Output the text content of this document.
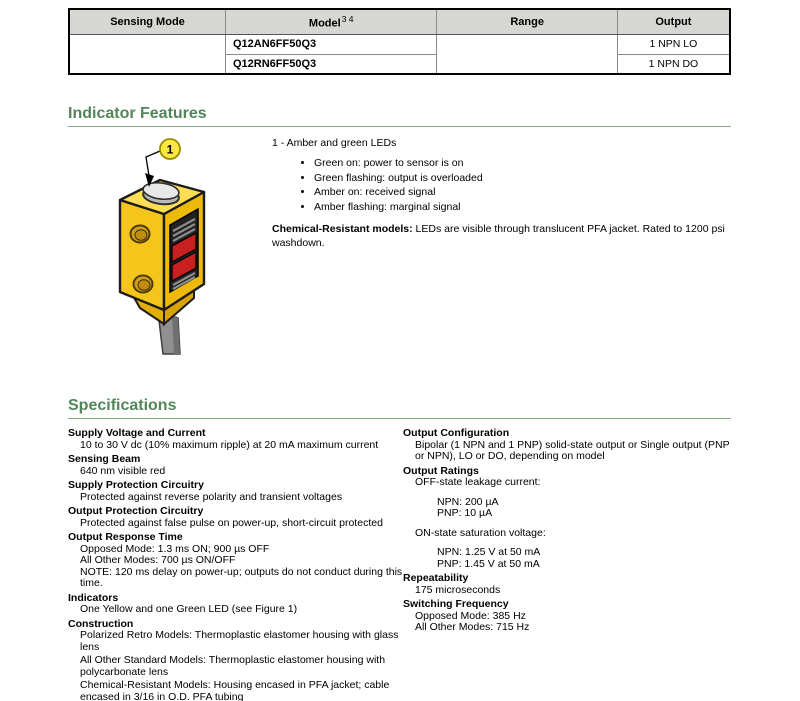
Sensing Mode	Model$^{3 4}$	Range	Output
	Q12AN6FF50Q3		1 NPN LO
	Q12RN6FF50Q3		1 NPN DO
Indicator Features
1	1 - Amber and green LEDs
• Green on: power to sensor is on
• Green flashing: output is overloaded
• Amber on: received signal
• Amber flashing: marginal signal

Chemical-Resistant models: LEDs are visible through translucent PFA jacket. Rated to 1200 psi washdown.

Specifications
Supply Voltage and Current
10 to 30 V dc (10% maximum ripple) at 20 mA maximum current
Sensing Beam
640 nm visible red
Supply Protection Circuitry
Protected against reverse polarity and transient voltages
Output Protection Circuitry
Protected against false pulse on power-up, short-circuit protected
Output Response Time
Opposed Mode: 1.3 ms ON; 900 µs OFF
All Other Modes: 700 µs ON/OFF
NOTE: 120 ms delay on power-up; outputs do not conduct during this time.
Indicators
One Yellow and one Green LED (see Figure 1)
Construction
Polarized Retro Models: Thermoplastic elastomer housing with glass lens
All Other Standard Models: Thermoplastic elastomer housing with polycarbonate lens
Chemical-Resistant Models: Housing encased in PFA jacket; cable encased in 3/16 in O.D. PFA tubing
Output Configuration
Bipolar (1 NPN and 1 PNP) solid-state output or Single output (PNP or NPN), LO or DO, depending on model
Output Ratings
OFF-state leakage current:
NPN: 200 µA
PNP: 10 µA
ON-state saturation voltage:
NPN: 1.25 V at 50 mA
PNP: 1.45 V at 50 mA
Repeatability
175 microseconds
Switching Frequency
Opposed Mode: 385 Hz
All Other Modes: 715 Hz
